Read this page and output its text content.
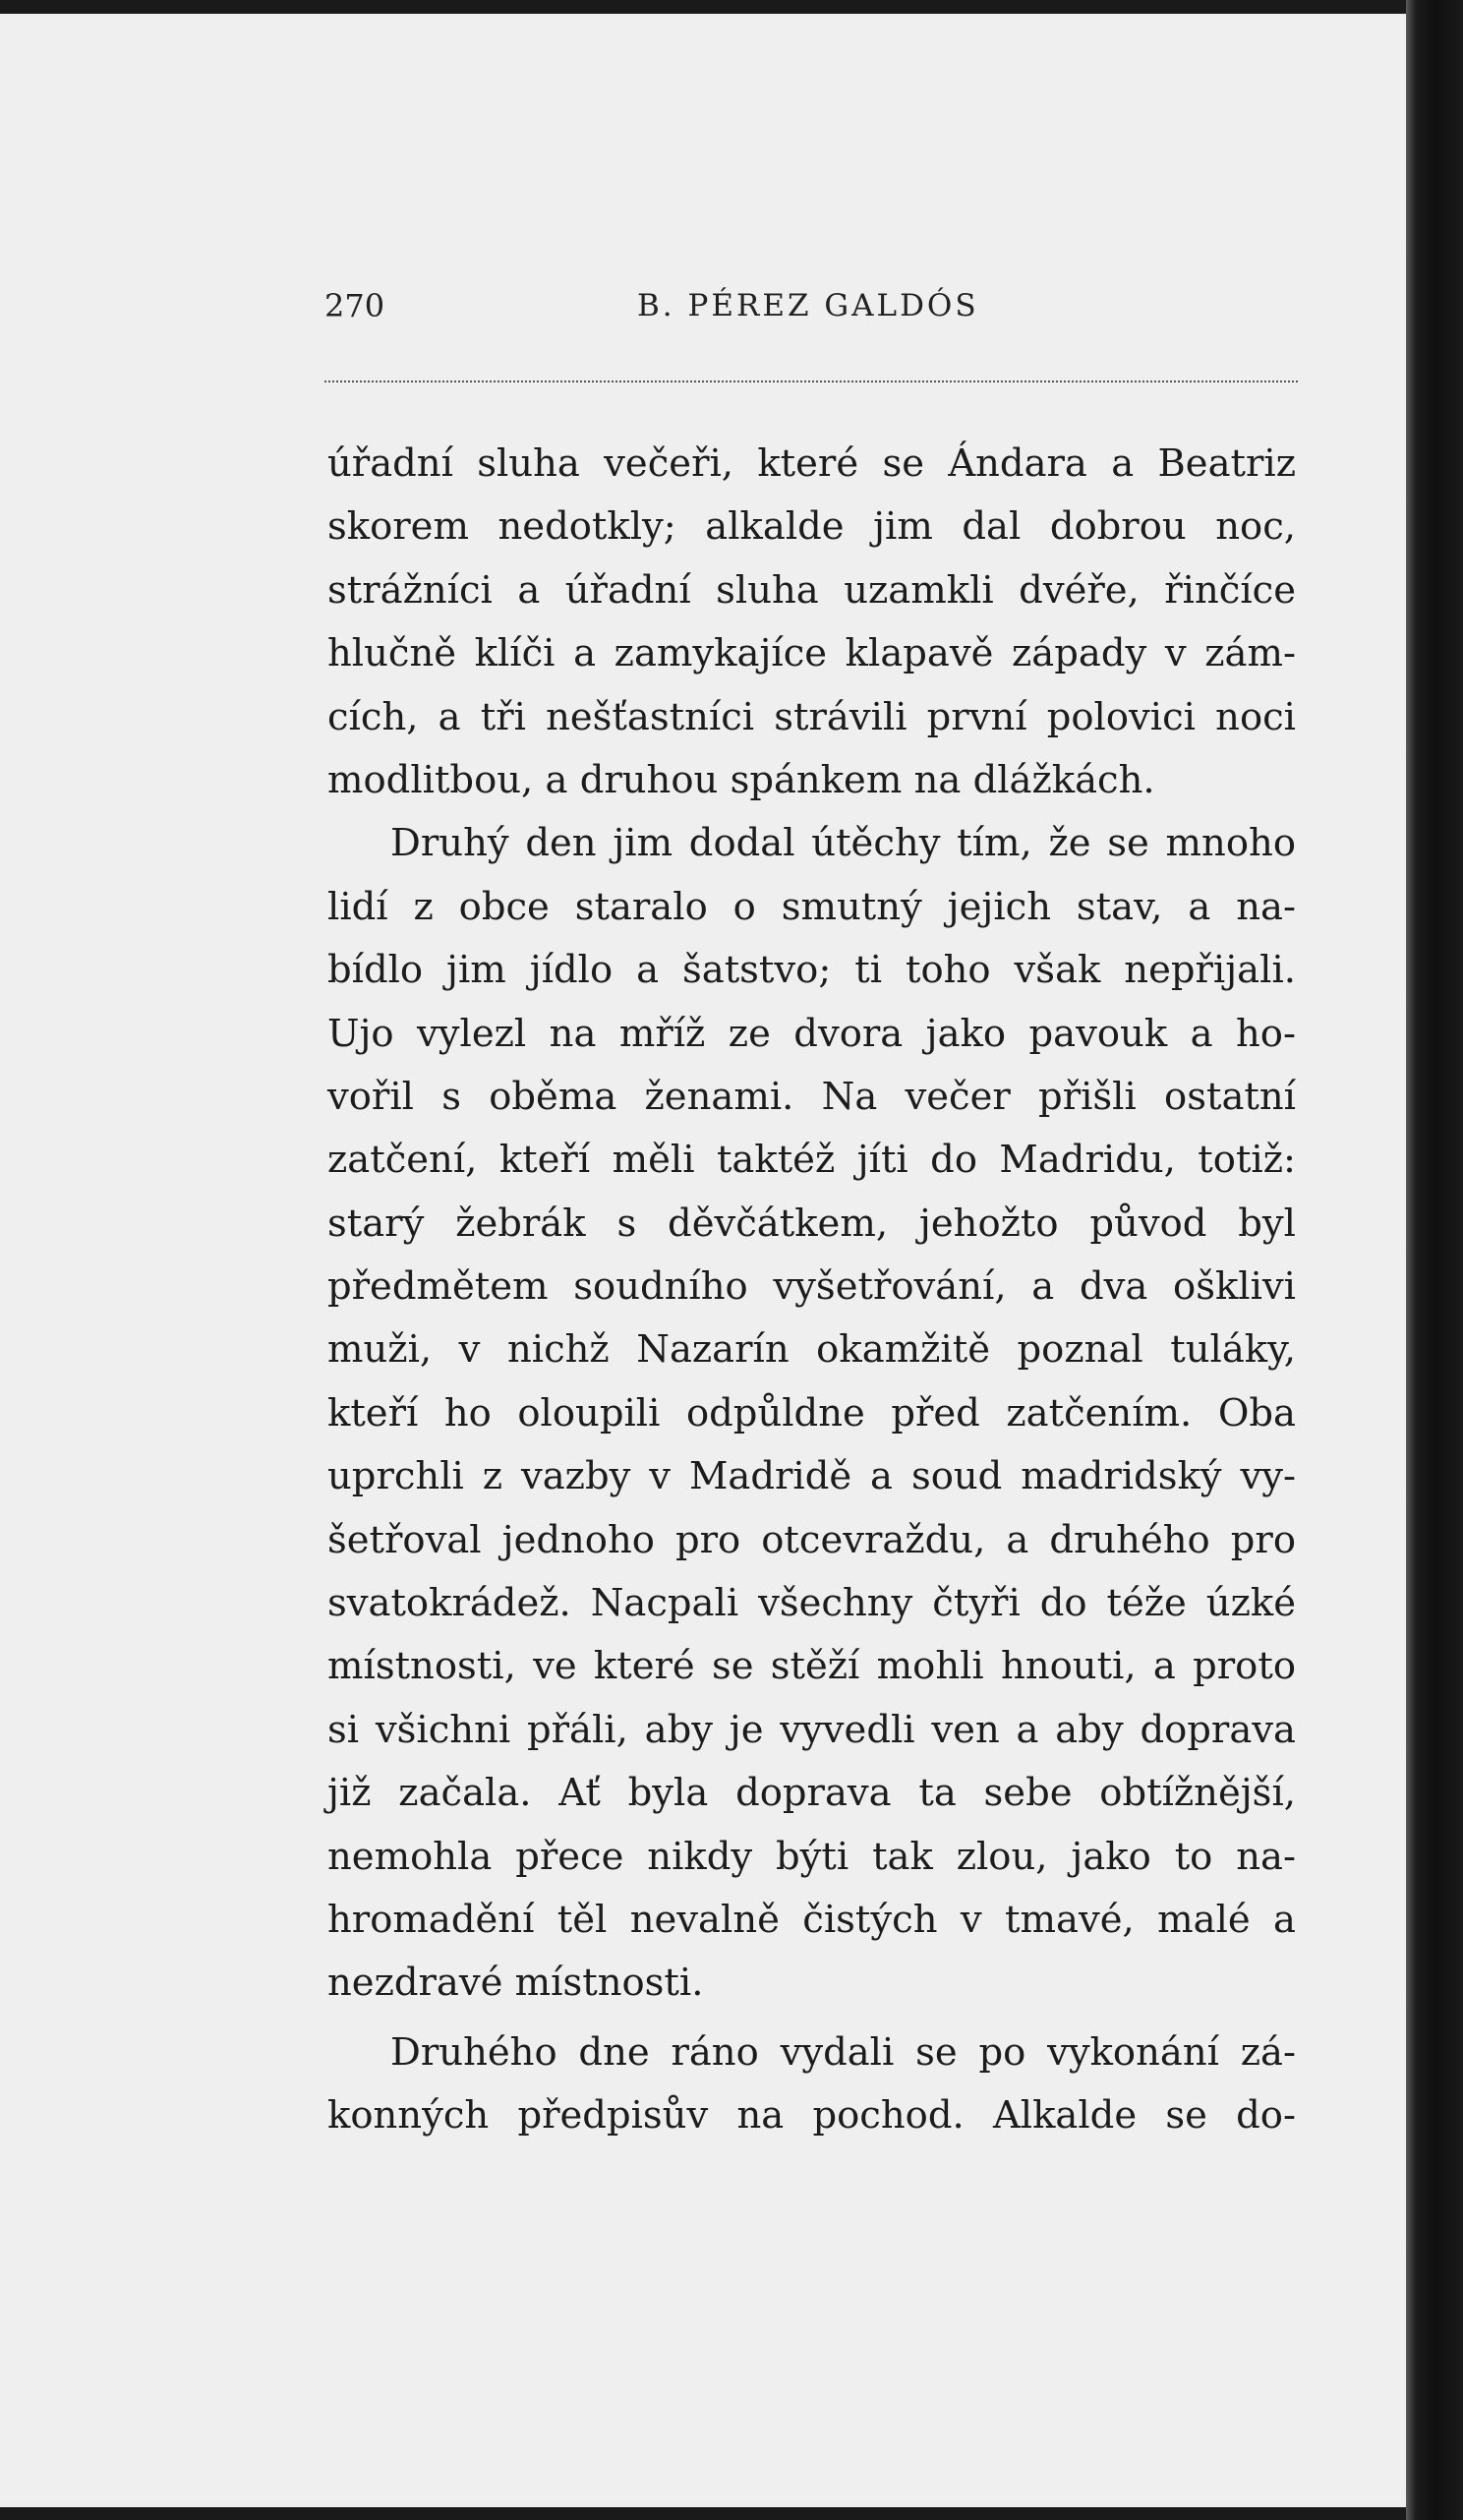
270	B. PÉREZ GALDÓS
úřadní sluha večeři, které se Ándara a Beatriz
skorem nedotkly; alkalde jim dal dobrou noc,
strážníci a úřadní sluha uzamkli dvéře, řinčíce
hlučně klíči a zamykajíce klapavě západy v zám-
cích, a tři nešťastníci strávili první polovici noci
modlitbou, a druhou spánkem na dlážkách.
Druhý den jim dodal útěchy tím, že se mnoho
lidí z obce staralo o smutný jejich stav, a na-
bídlo jim jídlo a šatstvo; ti toho však nepřijali.
Ujo vylezl na mříž ze dvora jako pavouk a ho-
vořil s oběma ženami. Na večer přišli ostatní
zatčení, kteří měli taktéž jíti do Madridu, totiž:
starý žebrák s děvčátkem, jehožto původ byl
předmětem soudního vyšetřování, a dva ošklivi
muži, v nichž Nazarín okamžitě poznal tuláky,
kteří ho oloupili odpůldne před zatčením. Oba
uprchli z vazby v Madridě a soud madridský vy-
šetřoval jednoho pro otcevraždu, a druhého pro
svatokrádež. Nacpali všechny čtyři do téže úzké
místnosti, ve které se stěží mohli hnouti, a proto
si všichni přáli, aby je vyvedli ven a aby doprava
již začala. Ať byla doprava ta sebe obtížnější,
nemohla přece nikdy býti tak zlou, jako to na-
hromadění těl nevalně čistých v tmavé, malé a
nezdravé místnosti.
Druhého dne ráno vydali se po vykonání zá-
konných předpisův na pochod. Alkalde se do-
